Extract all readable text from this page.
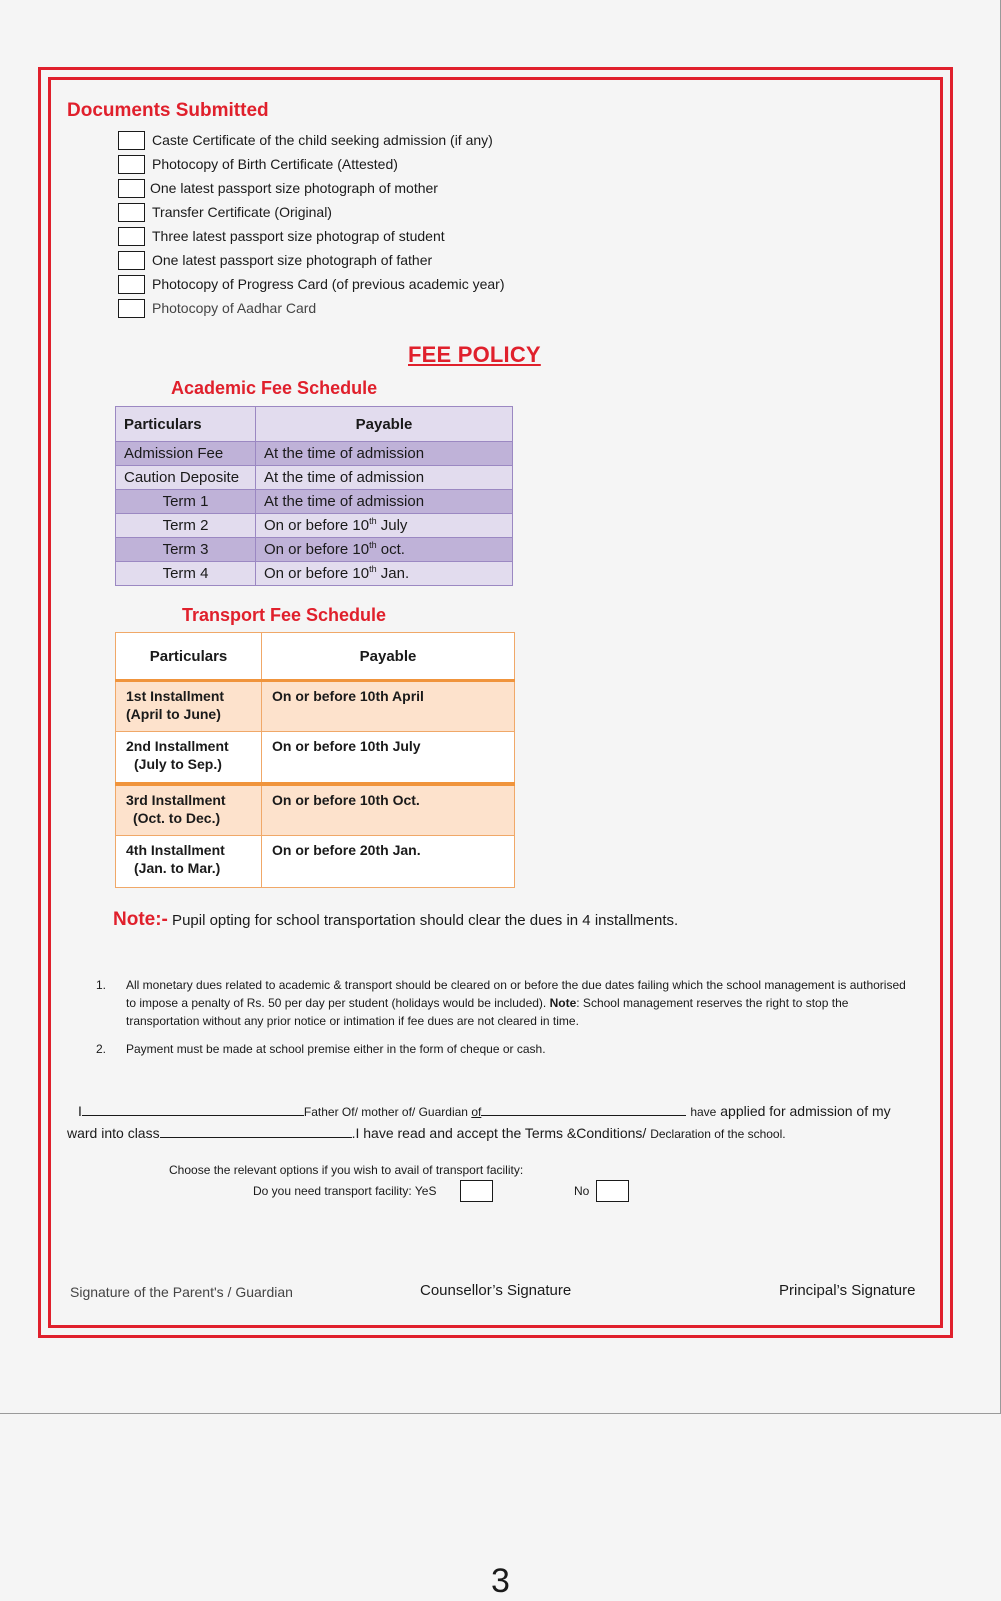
Documents Submitted
Caste Certificate of the child seeking admission (if any)
Photocopy of Birth Certificate (Attested)
One latest passport size photograph of mother
Transfer Certificate (Original)
Three latest passport size photograp of student
One latest passport size photograph of father
Photocopy of Progress Card (of previous academic year)
Photocopy of Aadhar Card
FEE POLICY
Academic Fee Schedule
Particulars	Payable
Admission Fee	At the time of admission
Caution Deposite	At the time of admission
Term 1	At the time of admission
Term 2	On or before 10th July
Term 3	On or before 10th oct.
Term 4	On or before 10th Jan.
Transport Fee Schedule
Particulars	Payable

1st Installment
(April to June)	On or before 10th April

2nd Installment
(July to Sep.)	On or before 10th July

3rd Installment
(Oct. to Dec.)	On or before 10th Oct.

4th Installment
(Jan. to Mar.)	On or before 20th Jan.
Note:- Pupil opting for school transportation should clear the dues in 4 installments.
1.	All monetary dues related to academic & transport should be cleared on or before the due dates failing which the school management is authorised to impose a penalty of Rs. 50 per day per student (holidays would be included). Note: School management reserves the right to stop the transportation without any prior notice or intimation if fee dues are not cleared in time.
2.	Payment must be made at school premise either in the form of cheque or cash.
I	Father Of/ mother of/ Guardian of	have applied for admission of my
ward into class	.I have read and accept the Terms &Conditions/ Declaration of the school.
Choose the relevant options if you wish to avail of transport facility:
Do you need transport facility: YeS	No
Signature of the Parent's / Guardian	Counsellor’s Signature	Principal’s Signature
3
